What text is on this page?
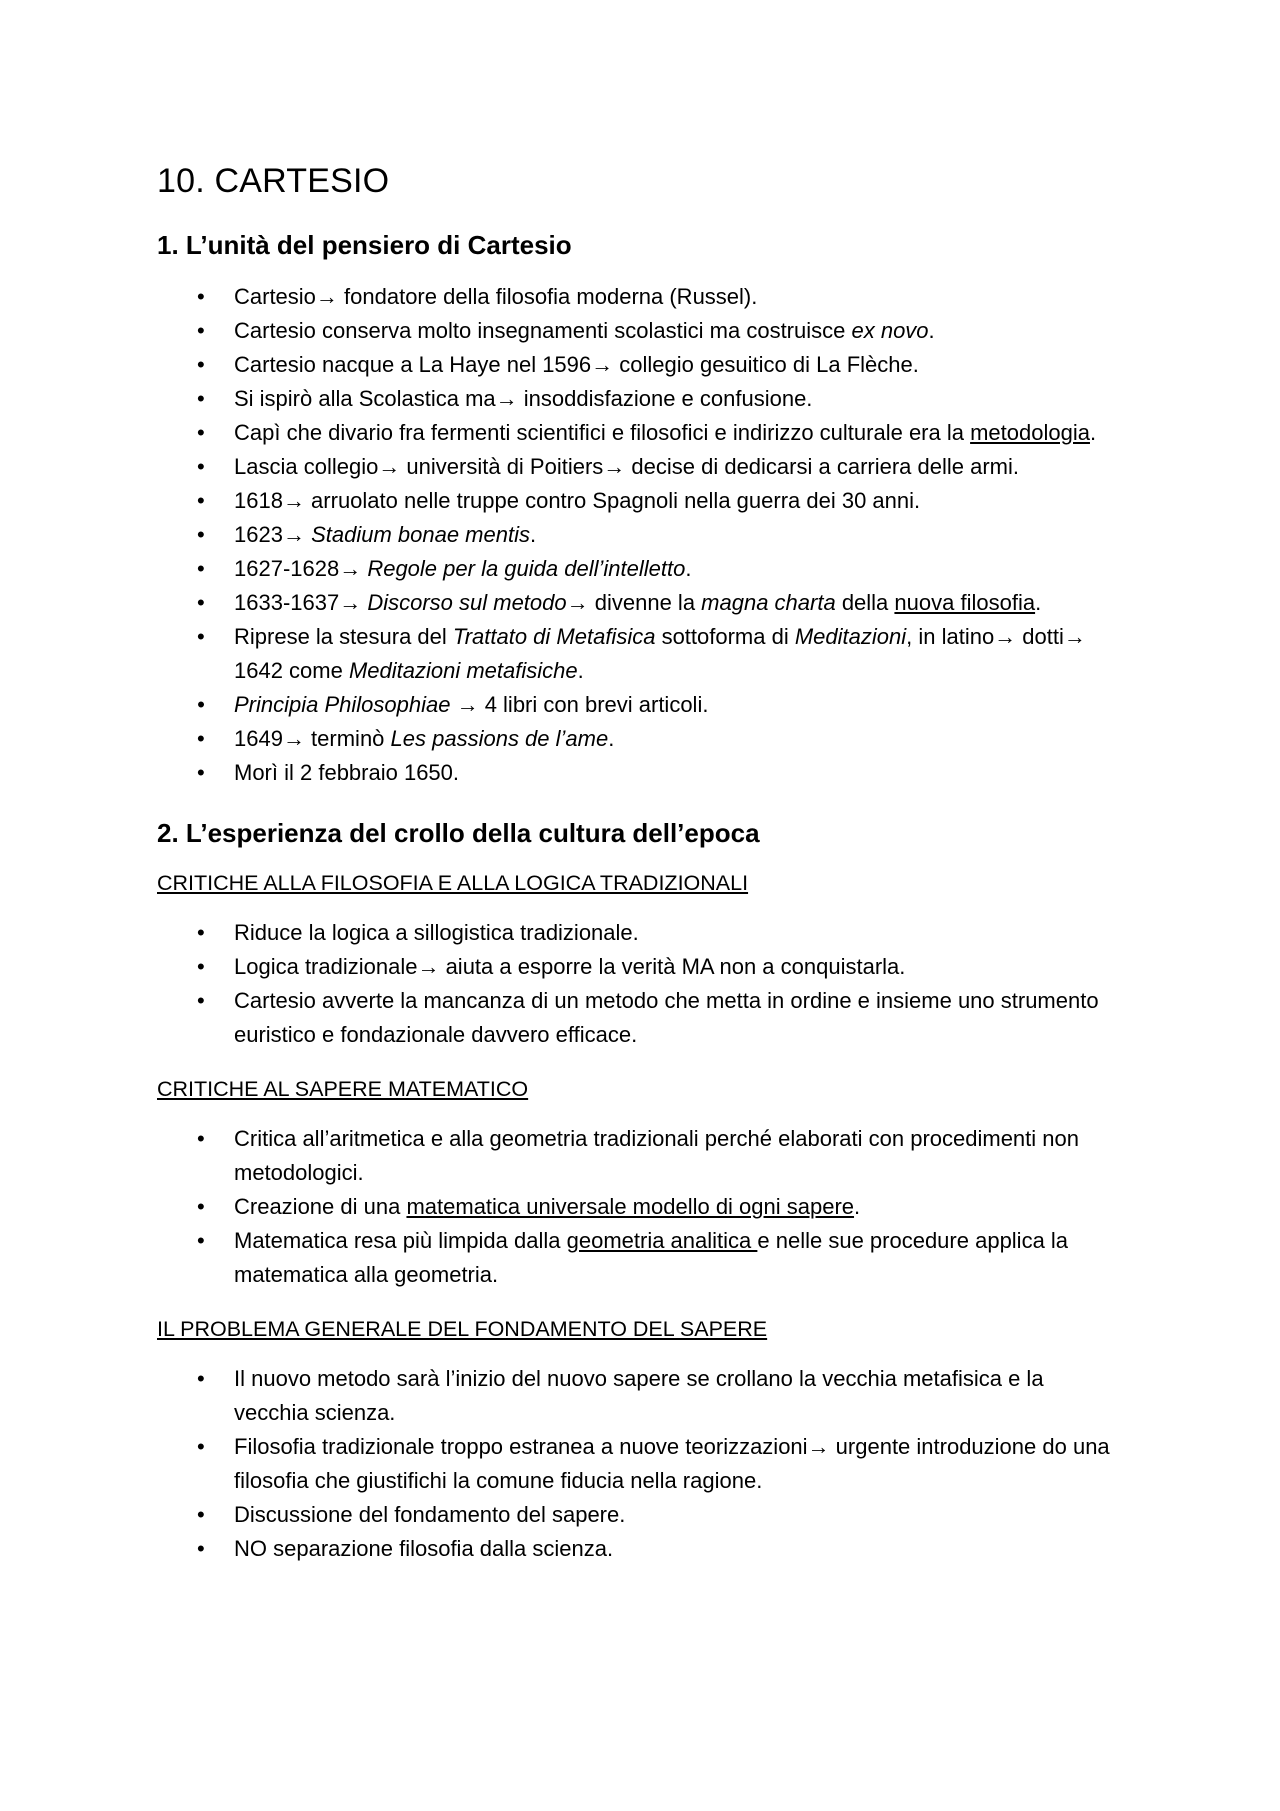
10. CARTESIO
1. L’unità del pensiero di Cartesio
• Cartesio→ fondatore della filosofia moderna (Russel).
• Cartesio conserva molto insegnamenti scolastici ma costruisce ex novo.
• Cartesio nacque a La Haye nel 1596→ collegio gesuitico di La Flèche.
• Si ispirò alla Scolastica ma→ insoddisfazione e confusione.
• Capì che divario fra fermenti scientifici e filosofici e indirizzo culturale era la metodologia.
• Lascia collegio→ università di Poitiers→ decise di dedicarsi a carriera delle armi.
• 1618→ arruolato nelle truppe contro Spagnoli nella guerra dei 30 anni.
• 1623→ Stadium bonae mentis.
• 1627-1628→ Regole per la guida dell’intelletto.
• 1633-1637→ Discorso sul metodo→ divenne la magna charta della nuova filosofia.
• Riprese la stesura del Trattato di Metafisica sottoforma di Meditazioni, in latino→ dotti→ 1642 come Meditazioni metafisiche.
• Principia Philosophiae → 4 libri con brevi articoli.
• 1649→ terminò Les passions de l’ame.
• Morì il 2 febbraio 1650.
2. L’esperienza del crollo della cultura dell’epoca
CRITICHE ALLA FILOSOFIA E ALLA LOGICA TRADIZIONALI
• Riduce la logica a sillogistica tradizionale.
• Logica tradizionale→ aiuta a esporre la verità MA non a conquistarla.
• Cartesio avverte la mancanza di un metodo che metta in ordine e insieme uno strumento euristico e fondazionale davvero efficace.
CRITICHE AL SAPERE MATEMATICO
• Critica all’aritmetica e alla geometria tradizionali perché elaborati con procedimenti non metodologici.
• Creazione di una matematica universale modello di ogni sapere.
• Matematica resa più limpida dalla geometria analitica e nelle sue procedure applica la matematica alla geometria.
IL PROBLEMA GENERALE DEL FONDAMENTO DEL SAPERE
• Il nuovo metodo sarà l’inizio del nuovo sapere se crollano la vecchia metafisica e la vecchia scienza.
• Filosofia tradizionale troppo estranea a nuove teorizzazioni→ urgente introduzione do una filosofia che giustifichi la comune fiducia nella ragione.
• Discussione del fondamento del sapere.
• NO separazione filosofia dalla scienza.
